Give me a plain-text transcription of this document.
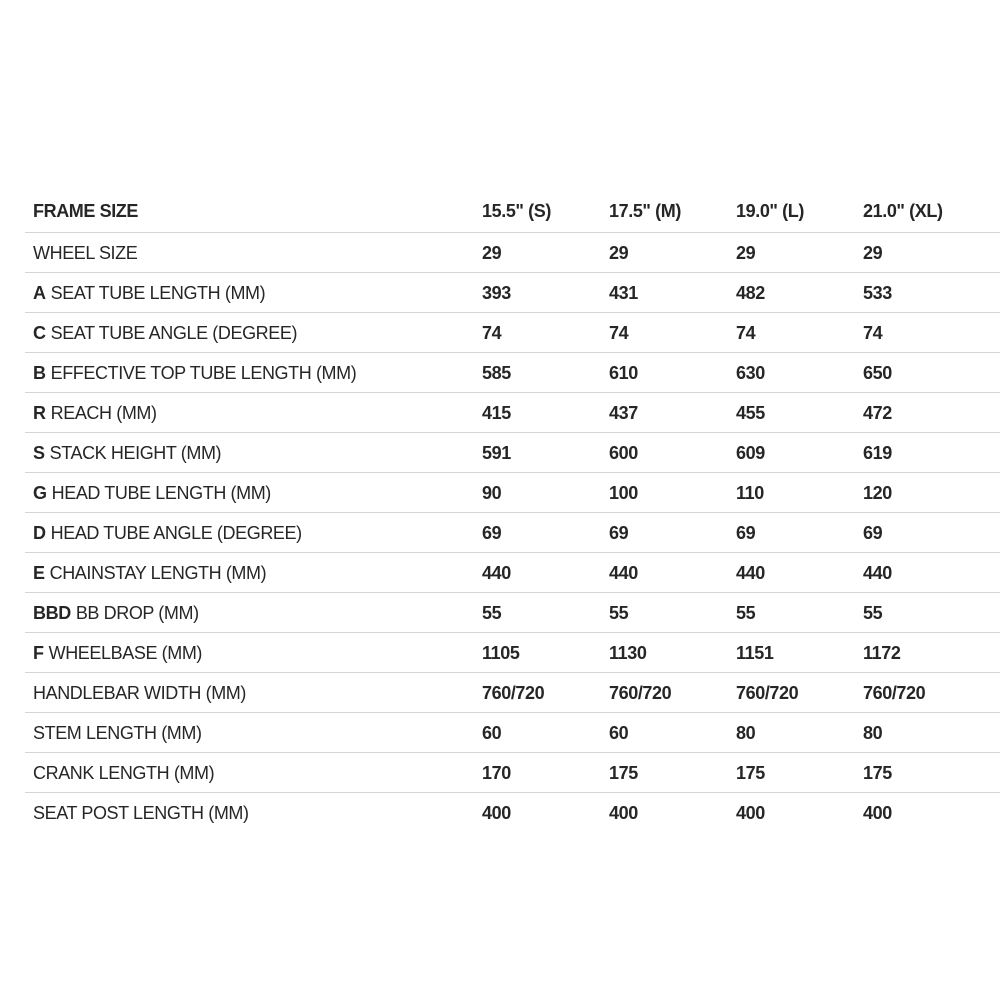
FRAME SIZE	15.5" (S)	17.5" (M)	19.0" (L)	21.0" (XL)
WHEEL SIZE	29	29	29	29
A SEAT TUBE LENGTH (MM)	393	431	482	533
C SEAT TUBE ANGLE (DEGREE)	74	74	74	74
B EFFECTIVE TOP TUBE LENGTH (MM)	585	610	630	650
R REACH (MM)	415	437	455	472
S STACK HEIGHT (MM)	591	600	609	619
G HEAD TUBE LENGTH (MM)	90	100	110	120
D HEAD TUBE ANGLE (DEGREE)	69	69	69	69
E CHAINSTAY LENGTH (MM)	440	440	440	440
BBD BB DROP (MM)	55	55	55	55
F WHEELBASE (MM)	1105	1130	1151	1172
HANDLEBAR WIDTH (MM)	760/720	760/720	760/720	760/720
STEM LENGTH (MM)	60	60	80	80
CRANK LENGTH (MM)	170	175	175	175
SEAT POST LENGTH (MM)	400	400	400	400
